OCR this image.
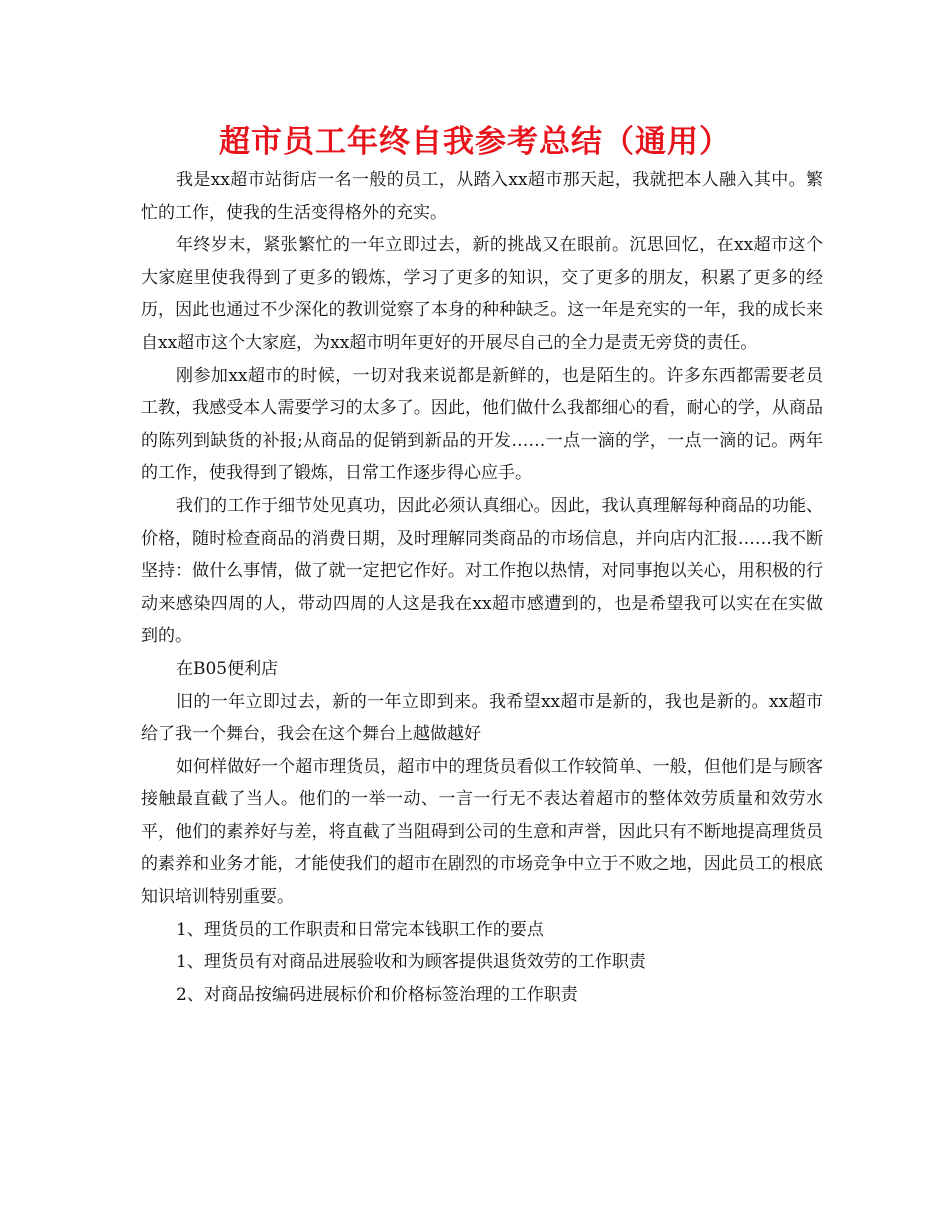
超市员工年终自我参考总结（通用）

我是xx超市站街店一名一般的员工，从踏入xx超市那天起，我就把本人融入其中。繁忙的工作，使我的生活变得格外的充实。

年终岁末，紧张繁忙的一年立即过去，新的挑战又在眼前。沉思回忆，在xx超市这个大家庭里使我得到了更多的锻炼，学习了更多的知识，交了更多的朋友，积累了更多的经历，因此也通过不少深化的教训觉察了本身的种种缺乏。这一年是充实的一年，我的成长来自xx超市这个大家庭，为xx超市明年更好的开展尽自己的全力是责无旁贷的责任。

刚参加xx超市的时候，一切对我来说都是新鲜的，也是陌生的。许多东西都需要老员工教，我感受本人需要学习的太多了。因此，他们做什么我都细心的看，耐心的学，从商品的陈列到缺货的补报;从商品的促销到新品的开发……一点一滴的学，一点一滴的记。两年的工作，使我得到了锻炼，日常工作逐步得心应手。

我们的工作于细节处见真功，因此必须认真细心。因此，我认真理解每种商品的功能、价格，随时检查商品的消费日期，及时理解同类商品的市场信息，并向店内汇报……我不断坚持：做什么事情，做了就一定把它作好。对工作抱以热情，对同事抱以关心，用积极的行动来感染四周的人，带动四周的人这是我在xx超市感遭到的，也是希望我可以实在在实做到的。

在B05便利店

旧的一年立即过去，新的一年立即到来。我希望xx超市是新的，我也是新的。xx超市给了我一个舞台，我会在这个舞台上越做越好

如何样做好一个超市理货员，超市中的理货员看似工作较简单、一般，但他们是与顾客接触最直截了当人。他们的一举一动、一言一行无不表达着超市的整体效劳质量和效劳水平，他们的素养好与差，将直截了当阻碍到公司的生意和声誉，因此只有不断地提高理货员的素养和业务才能，才能使我们的超市在剧烈的市场竞争中立于不败之地，因此员工的根底知识培训特别重要。

1、理货员的工作职责和日常完本钱职工作的要点

1、理货员有对商品进展验收和为顾客提供退货效劳的工作职责

2、对商品按编码进展标价和价格标签治理的工作职责
